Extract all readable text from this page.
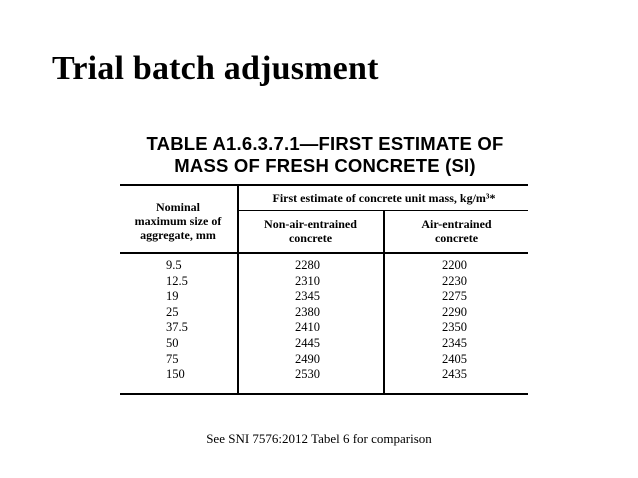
Trial batch adjusment
TABLE A1.6.3.7.1—FIRST ESTIMATE OF
MASS OF FRESH CONCRETE (SI)
Nominal
maximum size of
aggregate, mm
First estimate of concrete unit mass, kg/m³*
Non-air-entrained
concrete
Air-entrained
concrete
9.5
12.5
19
25
37.5
50
75
150
2280
2310
2345
2380
2410
2445
2490
2530
2200
2230
2275
2290
2350
2345
2405
2435
See SNI 7576:2012 Tabel 6 for comparison
